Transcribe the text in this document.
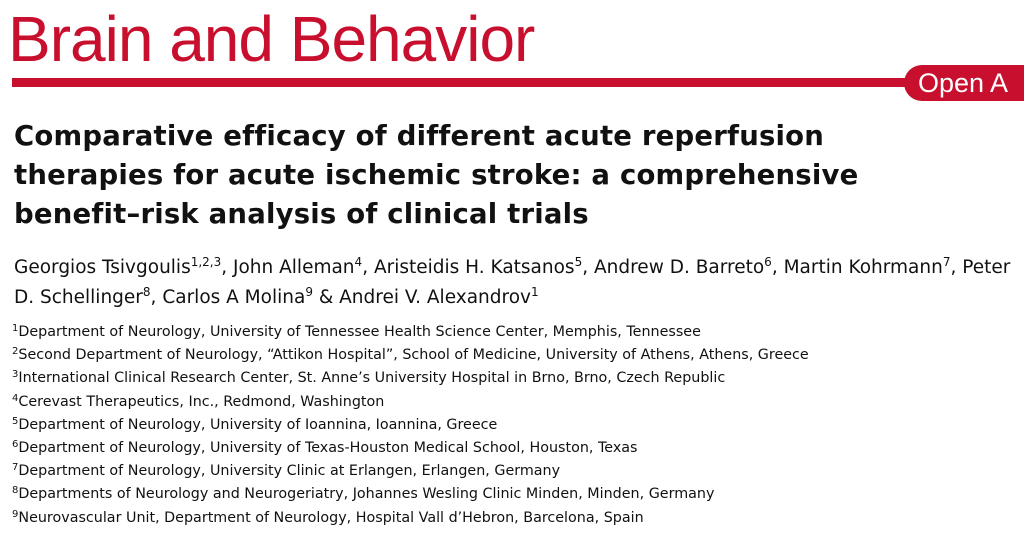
Brain and Behavior
Open A
Comparative efficacy of different acute reperfusion
therapies for acute ischemic stroke: a comprehensive
benefit–risk analysis of clinical trials
Georgios Tsivgoulis$^{1,2,3}$, John Alleman$^4$, Aristeidis H. Katsanos$^5$, Andrew D. Barreto$^6$, Martin Kohrmann$^7$, Peter D. Schellinger$^8$, Carlos A Molina$^9$ & Andrei V. Alexandrov$^1$
$^1$Department of Neurology, University of Tennessee Health Science Center, Memphis, Tennessee
$^2$Second Department of Neurology, “Attikon Hospital”, School of Medicine, University of Athens, Athens, Greece
$^3$International Clinical Research Center, St. Anne’s University Hospital in Brno, Brno, Czech Republic
$^4$Cerevast Therapeutics, Inc., Redmond, Washington
$^5$Department of Neurology, University of Ioannina, Ioannina, Greece
$^6$Department of Neurology, University of Texas-Houston Medical School, Houston, Texas
$^7$Department of Neurology, University Clinic at Erlangen, Erlangen, Germany
$^8$Departments of Neurology and Neurogeriatry, Johannes Wesling Clinic Minden, Minden, Germany
$^9$Neurovascular Unit, Department of Neurology, Hospital Vall d’Hebron, Barcelona, Spain
